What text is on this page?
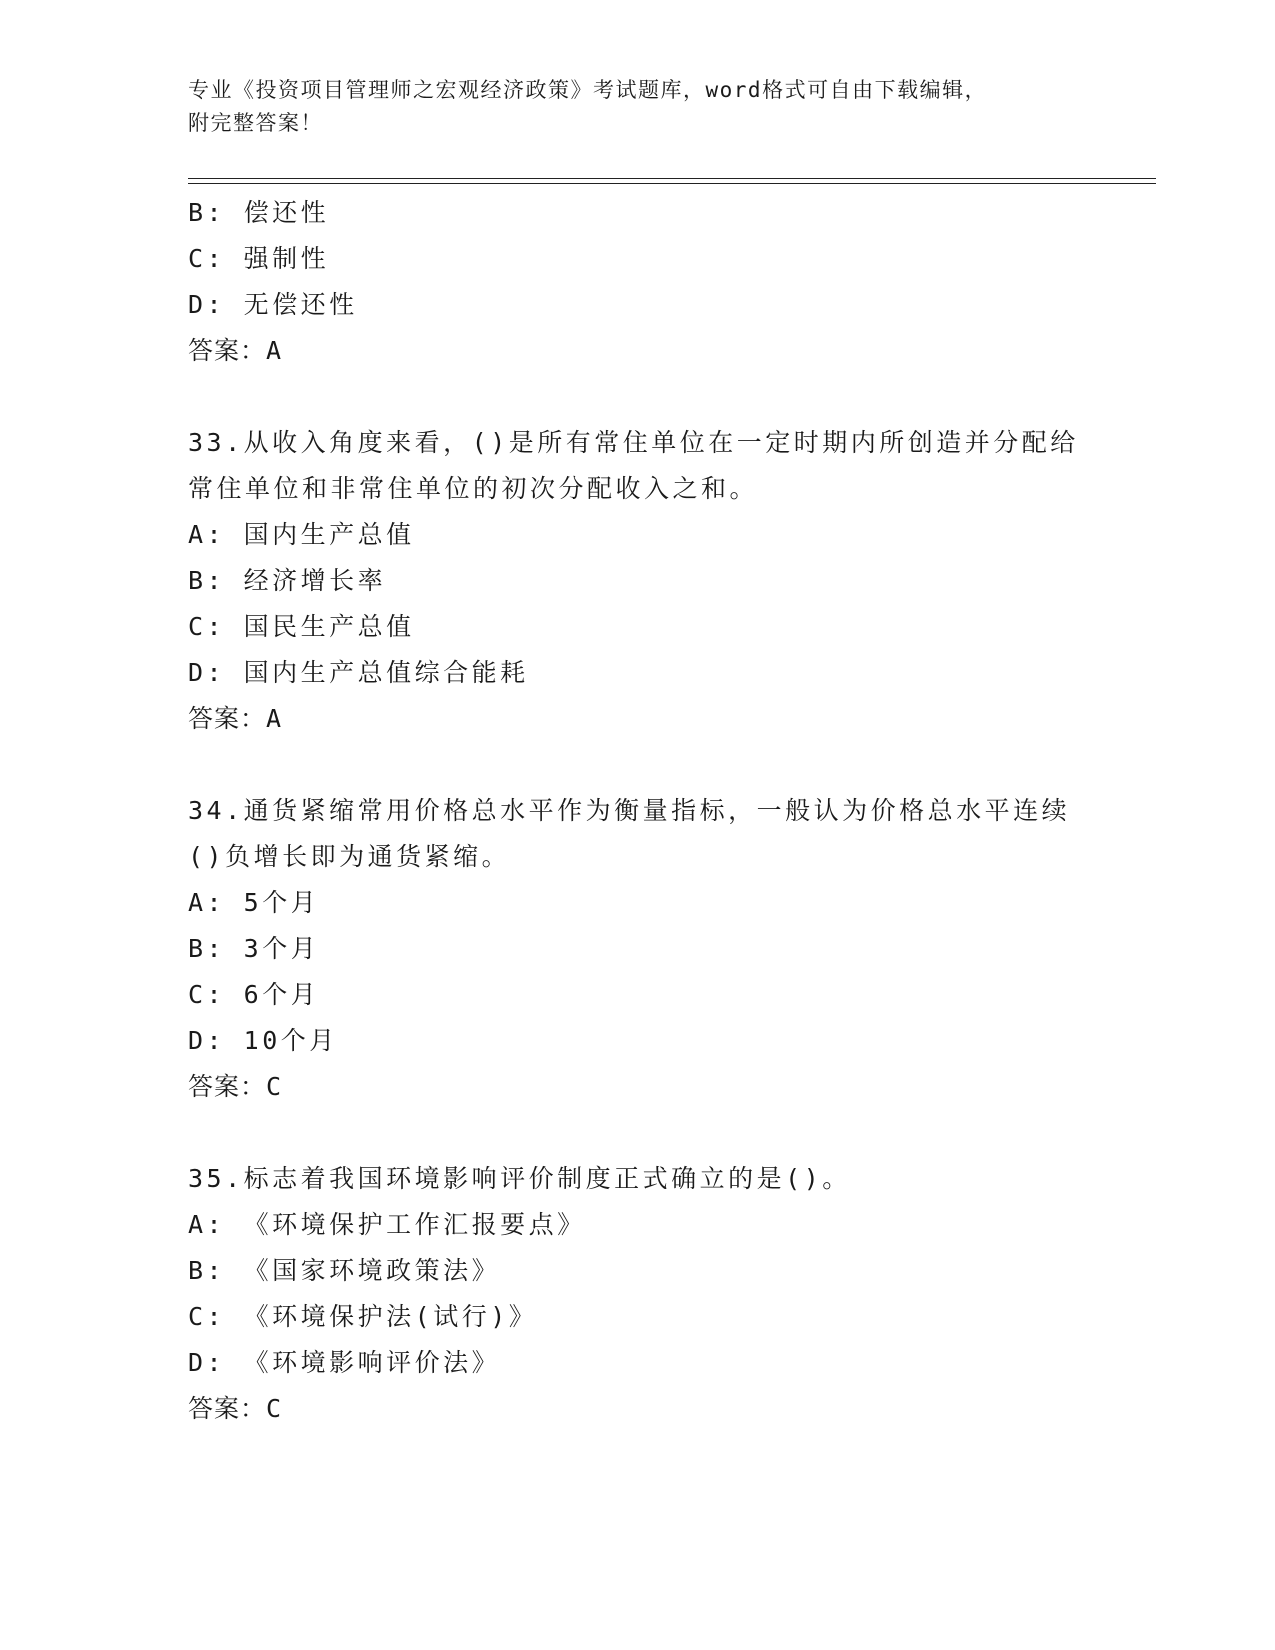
专业《投资项目管理师之宏观经济政策》考试题库，word格式可自由下载编辑，
附完整答案！
B: 偿还性
C: 强制性
D: 无偿还性
答案：A
33.从收入角度来看，()是所有常住单位在一定时期内所创造并分配给
常住单位和非常住单位的初次分配收入之和。
A: 国内生产总值
B: 经济增长率
C: 国民生产总值
D: 国内生产总值综合能耗
答案：A
34.通货紧缩常用价格总水平作为衡量指标，一般认为价格总水平连续
()负增长即为通货紧缩。
A: 5个月
B: 3个月
C: 6个月
D: 10个月
答案：C
35.标志着我国环境影响评价制度正式确立的是()。
A: 《环境保护工作汇报要点》
B: 《国家环境政策法》
C: 《环境保护法(试行)》
D: 《环境影响评价法》
答案：C
